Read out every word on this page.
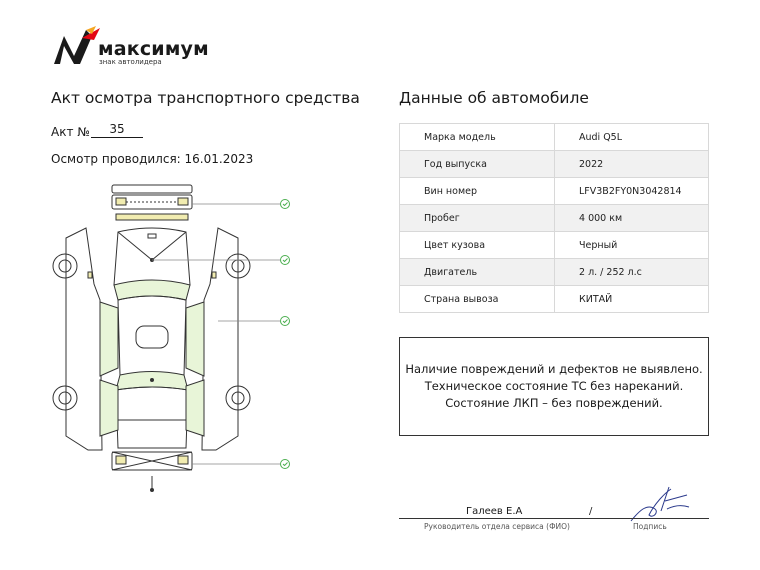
максимум
знак автолидера
Акт осмотра транспортного средства
Акт №	35
Осмотр проводился: 16.01.2023
Данные об автомобиле
Марка модель	Audi Q5L
Год выпуска	2022
Вин номер	LFV3B2FY0N3042814
Пробег	4 000 км
Цвет кузова	Черный
Двигатель	2 л. / 252 л.с
Страна вывоза	КИТАЙ
Наличие повреждений и дефектов не выявлено.
Техническое состояние ТС без нареканий.
Состояние ЛКП – без повреждений.
Галеев Е.А	/
Руководитель отдела сервиса (ФИО)	Подпись
